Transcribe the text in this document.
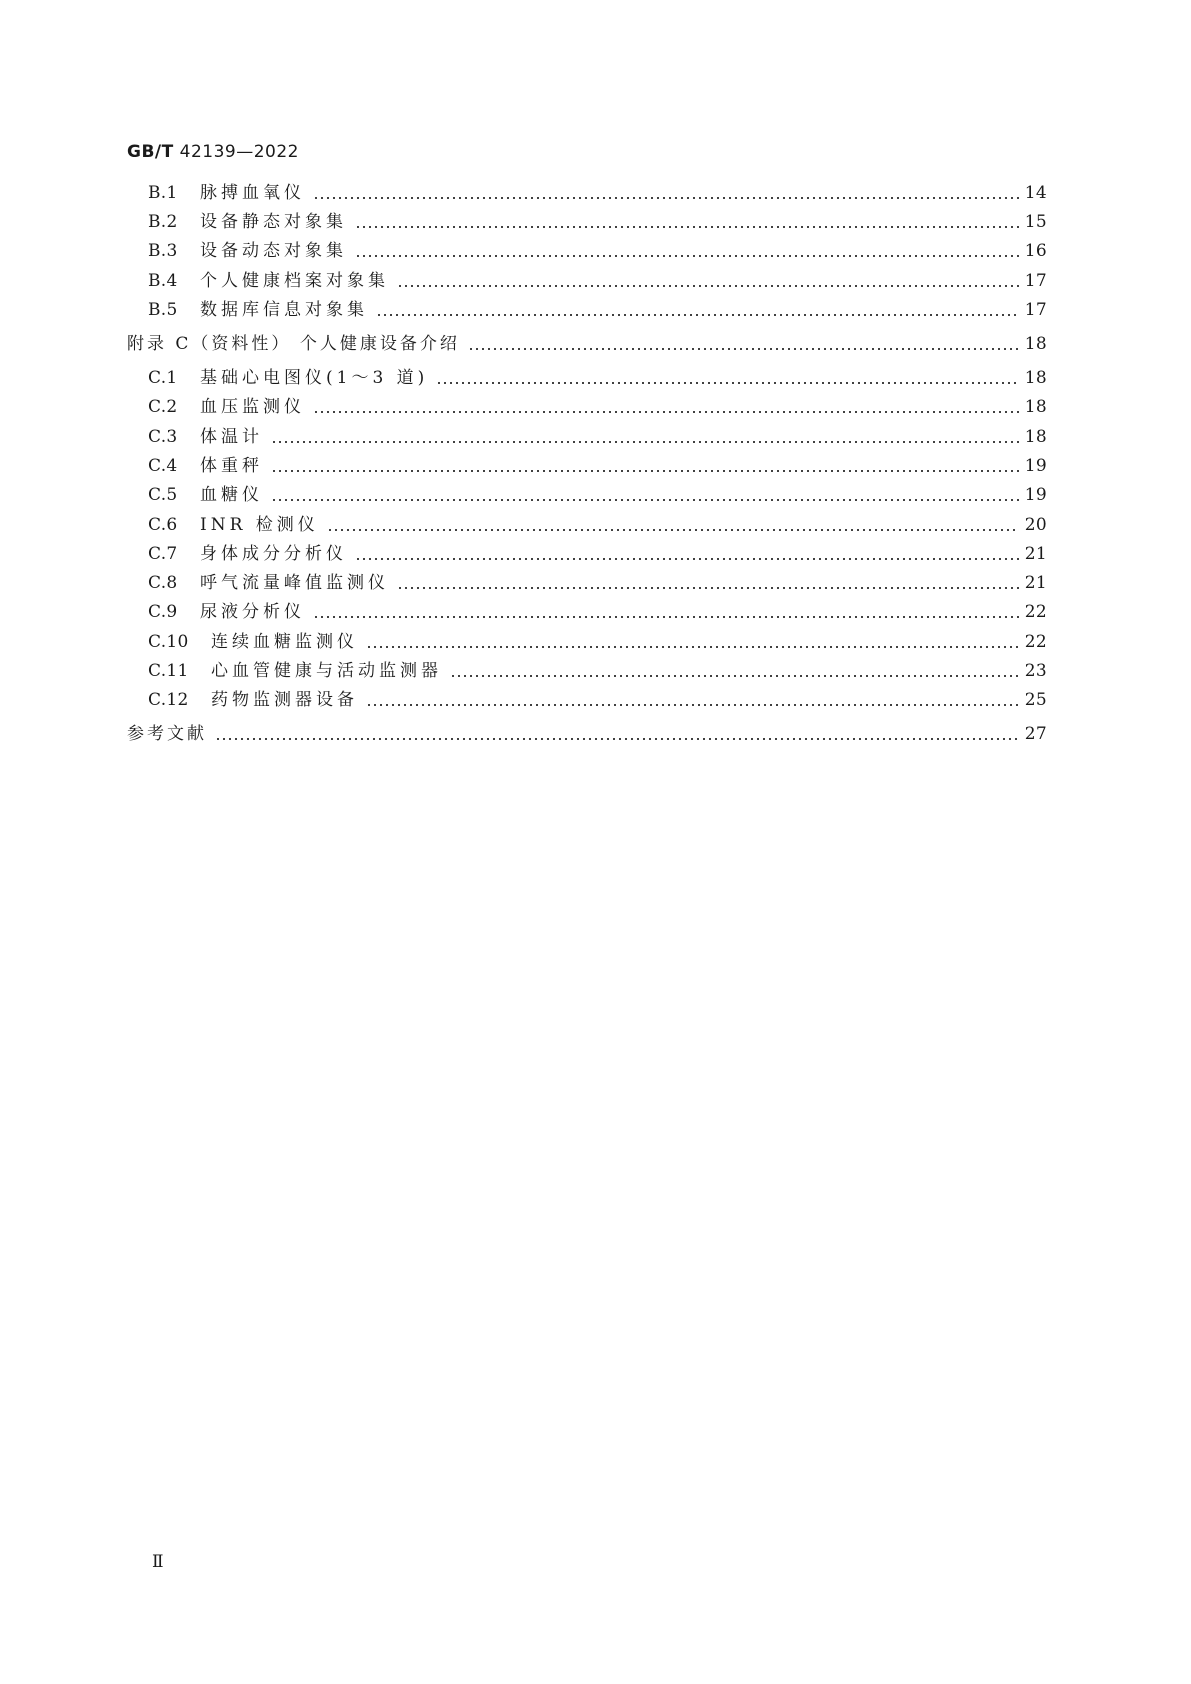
GB/T 42139—2022
B.1	脉搏血氧仪	14
B.2	设备静态对象集	15
B.3	设备动态对象集	16
B.4	个人健康档案对象集	17
B.5	数据库信息对象集	17
附录 C（资料性） 个人健康设备介绍	18
C.1	基础心电图仪(1～3 道)	18
C.2	血压监测仪	18
C.3	体温计	18
C.4	体重秤	19
C.5	血糖仪	19
C.6	INR 检测仪	20
C.7	身体成分分析仪	21
C.8	呼气流量峰值监测仪	21
C.9	尿液分析仪	22
C.10	连续血糖监测仪	22
C.11	心血管健康与活动监测器	23
C.12	药物监测器设备	25
参考文献	27
Ⅱ
